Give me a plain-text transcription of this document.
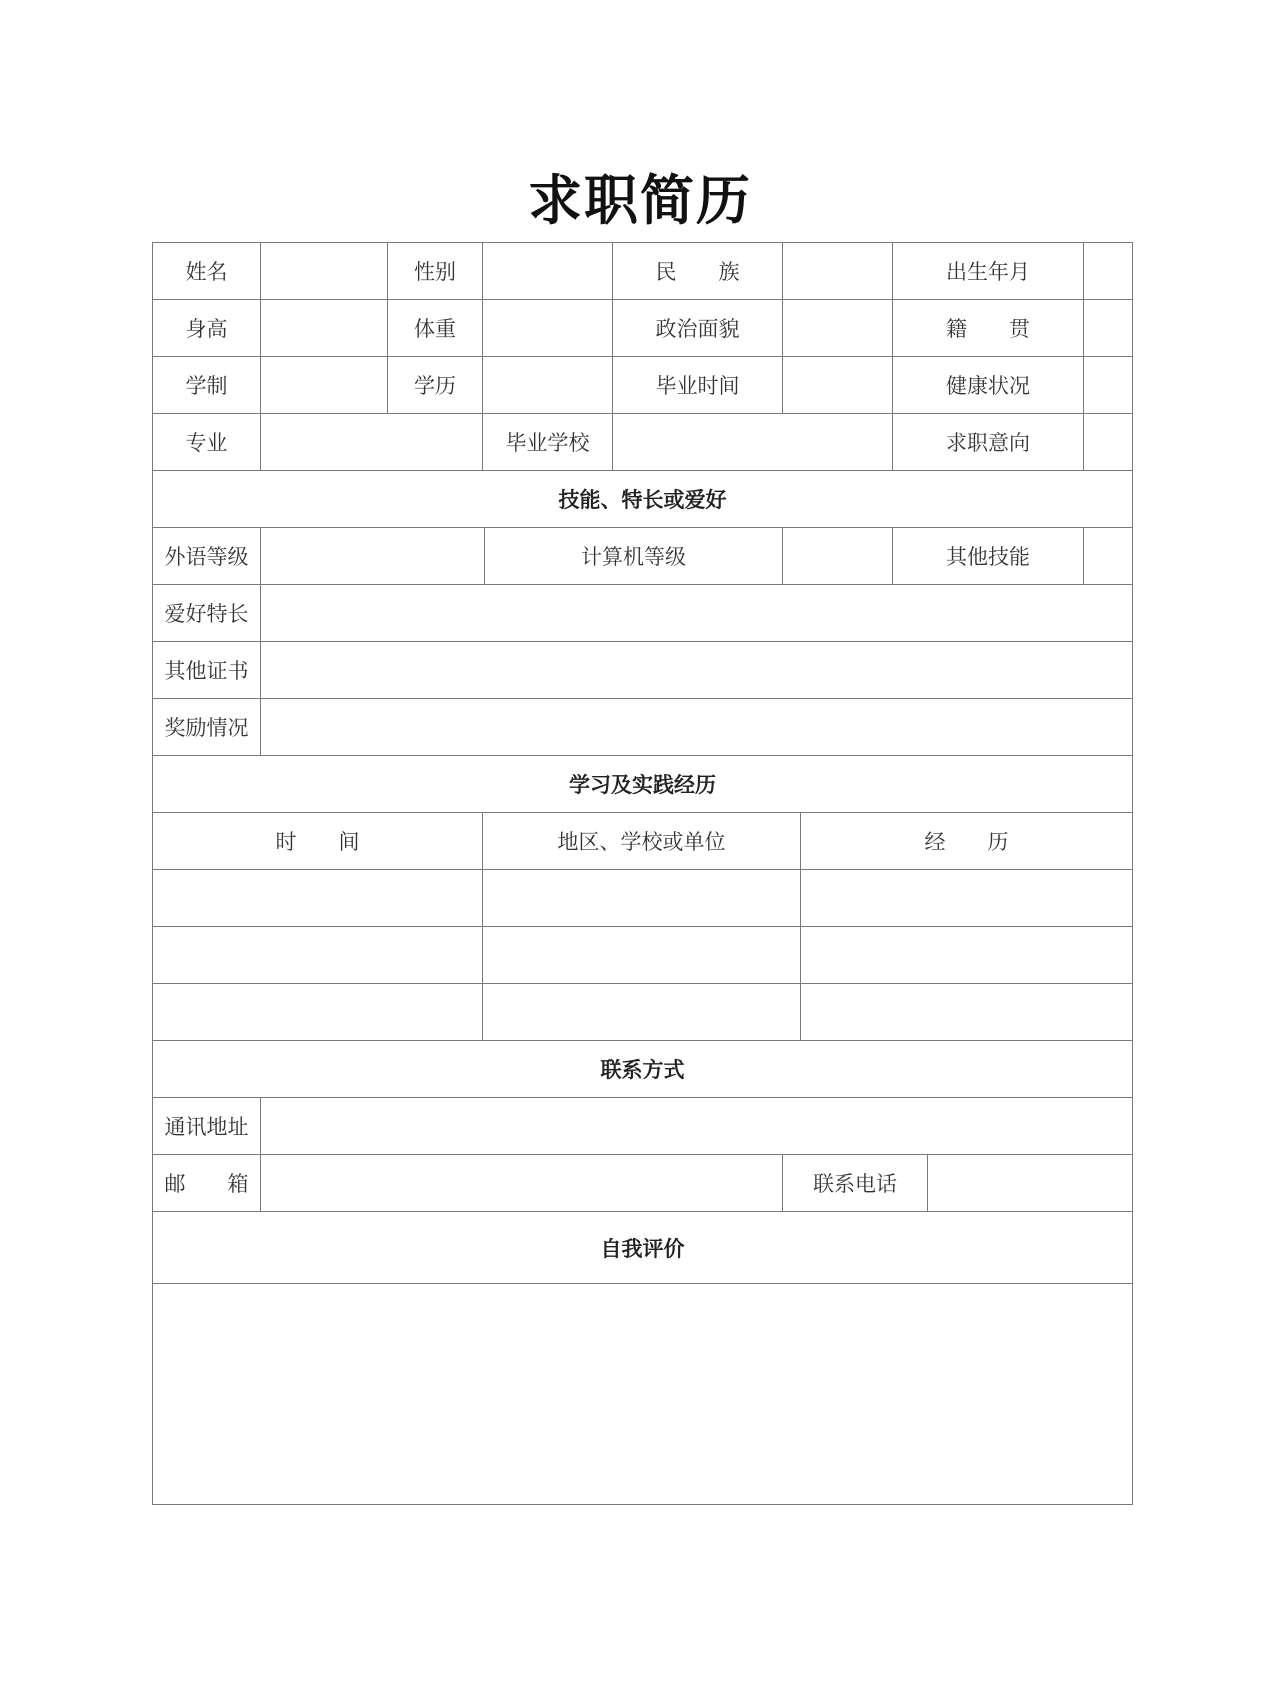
求职简历
姓名		性别			民　　族			出生年月		
身高		体重			政治面貌			籍　　贯		
学制		学历			毕业时间			健康状况		
专业			毕业学校					求职意向		
技能、特长或爱好										
外语等级				计算机等级				其他技能		
爱好特长										
其他证书										
奖励情况										
学习及实践经历										
时　　间			地区、学校或单位				经　　历			

联系方式										
通讯地址										
邮　　箱						联系电话				
自我评价										
